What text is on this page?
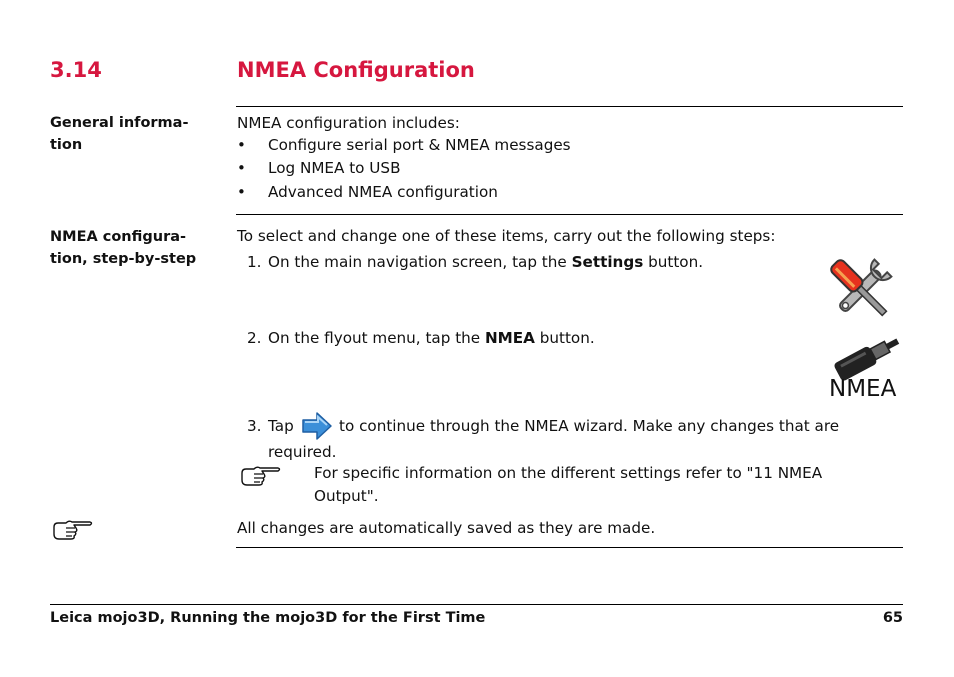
3.14	NMEA Configuration
General informa-
tion
NMEA configuration includes:
• Configure serial port & NMEA messages
• Log NMEA to USB
• Advanced NMEA configuration
NMEA configura-
tion, step-by-step
To select and change one of these items, carry out the following steps:
1. On the main navigation screen, tap the Settings button.
2. On the flyout menu, tap the NMEA button.
NMEA
3. Tap	to continue through the NMEA wizard. Make any changes that are
required.
For specific information on the different settings refer to "11 NMEA
Output".
All changes are automatically saved as they are made.
Leica mojo3D, Running the mojo3D for the First Time	65
